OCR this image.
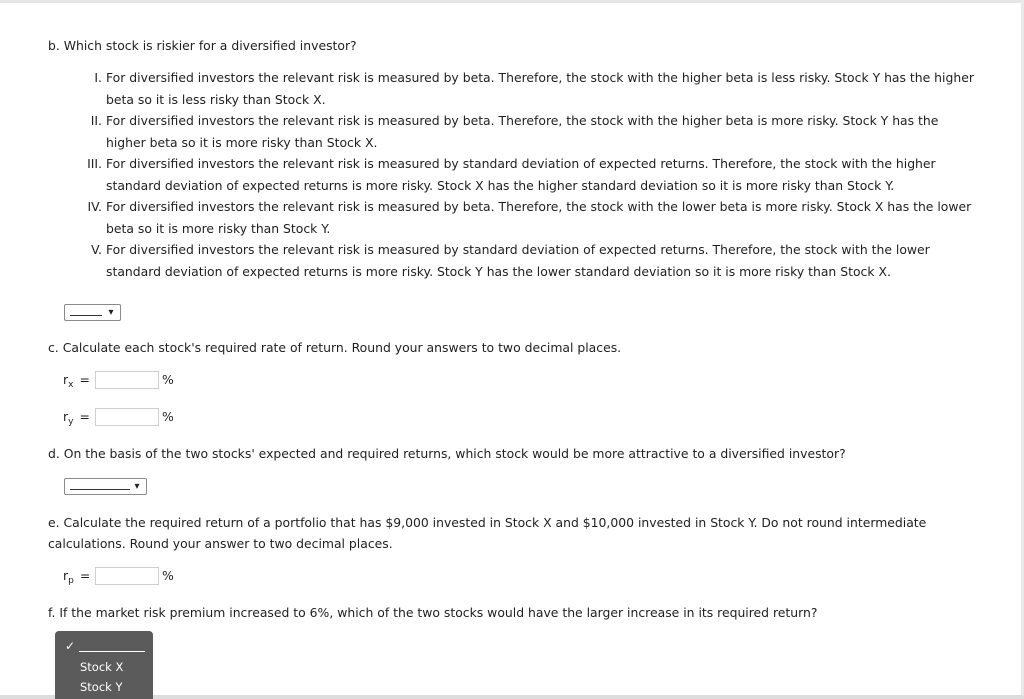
b. Which stock is riskier for a diversified investor?
I. For diversified investors the relevant risk is measured by beta. Therefore, the stock with the higher beta is less risky. Stock Y has the higher beta so it is less risky than Stock X.
II. For diversified investors the relevant risk is measured by beta. Therefore, the stock with the higher beta is more risky. Stock Y has the higher beta so it is more risky than Stock X.
III. For diversified investors the relevant risk is measured by standard deviation of expected returns. Therefore, the stock with the higher standard deviation of expected returns is more risky. Stock X has the higher standard deviation so it is more risky than Stock Y.
IV. For diversified investors the relevant risk is measured by beta. Therefore, the stock with the lower beta is more risky. Stock X has the lower beta so it is more risky than Stock Y.
V. For diversified investors the relevant risk is measured by standard deviation of expected returns. Therefore, the stock with the lower standard deviation of expected returns is more risky. Stock Y has the lower standard deviation so it is more risky than Stock X.
▾
c. Calculate each stock's required rate of return. Round your answers to two decimal places.
$r_x$ =	%
$r_y$ =	%
d. On the basis of the two stocks' expected and required returns, which stock would be more attractive to a diversified investor?
▾
e. Calculate the required return of a portfolio that has $9,000 invested in Stock X and $10,000 invested in Stock Y. Do not round intermediate calculations. Round your answer to two decimal places.
$r_p$ =	%
f. If the market risk premium increased to 6%, which of the two stocks would have the larger increase in its required return?
✓
Stock X
Stock Y
